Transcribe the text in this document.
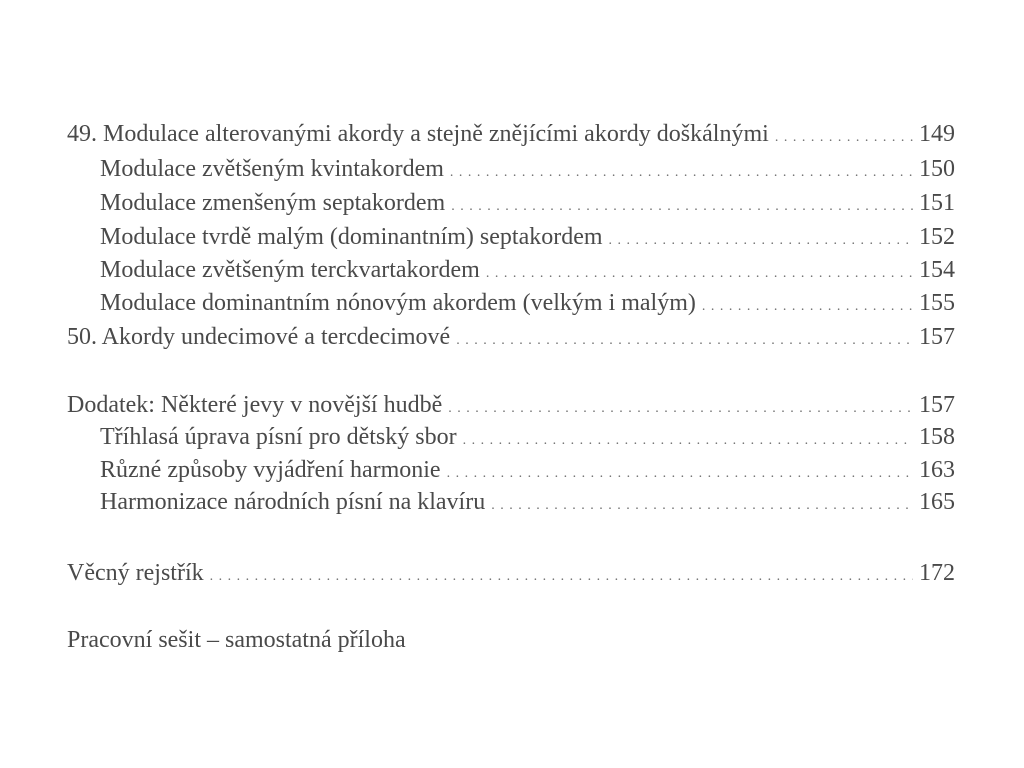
49. Modulace alterovanými akordy a stejně znějícími akordy doškálnými . . .	149
Modulace zvětšeným kvintakordem . . .	150
Modulace zmenšeným septakordem . . .	151
Modulace tvrdě malým (dominantním) septakordem . . .	152
Modulace zvětšeným terckvartakordem . . .	154
Modulace dominantním nónovým akordem (velkým i malým) . . .	155
50. Akordy undecimové a tercdecimové . . .	157
Dodatek: Některé jevy v novější hudbě . . .	157
Tříhlasá úprava písní pro dětský sbor . . .	158
Různé způsoby vyjádření harmonie . . .	163
Harmonizace národních písní na klavíru . . .	165
Věcný rejstřík . . .	172
Pracovní sešit – samostatná příloha
